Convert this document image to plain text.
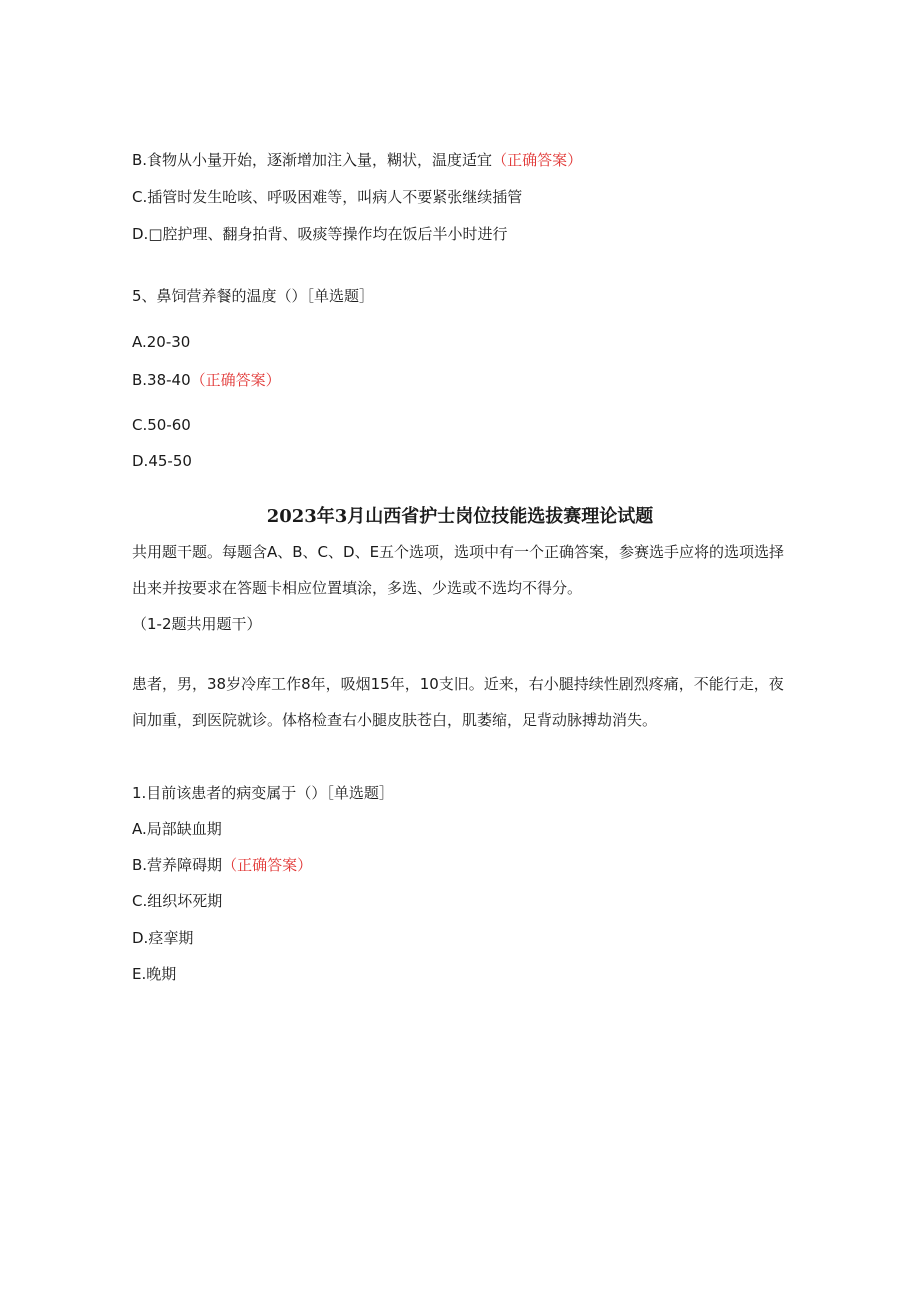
B.食物从小量开始，逐渐增加注入量，糊状，温度适宜（正确答案）
C.插管时发生呛咳、呼吸困难等，叫病人不要紧张继续插管
D.□腔护理、翻身拍背、吸痰等操作均在饭后半小时进行
5、鼻饲营养餐的温度（）［单选题］
A.20-30
B.38-40（正确答案）
C.50-60
D.45-50
2023年3月山西省护士岗位技能选拔赛理论试题
共用题干题。每题含A、B、C、D、E五个选项，选项中有一个正确答案，参赛选手应将的选项选择出来并按要求在答题卡相应位置填涂，多选、少选或不选均不得分。
（1-2题共用题干）
患者，男，38岁冷库工作8年，吸烟15年，10支旧。近来，右小腿持续性剧烈疼痛，不能行走，夜间加重，到医院就诊。体格检查右小腿皮肤苍白，肌萎缩，足背动脉搏劫消失。
1.目前该患者的病变属于（）［单选题］
A.局部缺血期
B.营养障碍期（正确答案）
C.组织坏死期
D.痉挛期
E.晚期
